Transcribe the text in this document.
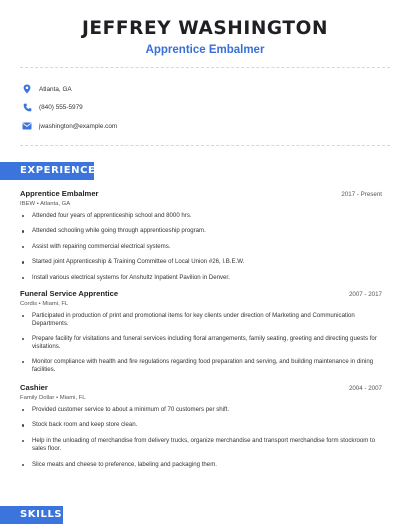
JEFFREY WASHINGTON
Apprentice Embalmer
Atlanta, GA
(840) 555-5979
jwashington@example.com
EXPERIENCE
Apprentice Embalmer	2017 - Present
IBEW • Atlanta, GA
Attended four years of apprenticeship school and 8000 hrs.
Attended schooling while going through apprenticeship program.
Assist with repairing commercial electrical systems.
Started joint Apprenticeship & Training Committee of Local Union #26, I.B.E.W.
Install various electrical systems for Anshultz Inpatient Pavilion in Denver.
Funeral Service Apprentice	2007 - 2017
Cordis • Miami, FL
Participated in production of print and promotional items for key clients under direction of Marketing and Communication Departments.
Prepare facility for visitations and funeral services including floral arrangements, family seating, greeting and directing guests for visitations.
Monitor compliance with health and fire regulations regarding food preparation and serving, and building maintenance in dining facilities.
Cashier	2004 - 2007
Family Dollar • Miami, FL
Provided customer service to about a minimum of 70 customers per shift.
Stock back room and keep store clean.
Help in the unloading of merchandise from delivery trucks, organize merchandise and transport merchandise form stockroom to sales floor.
Slice meats and cheese to preference, labeling and packaging them.
SKILLS
